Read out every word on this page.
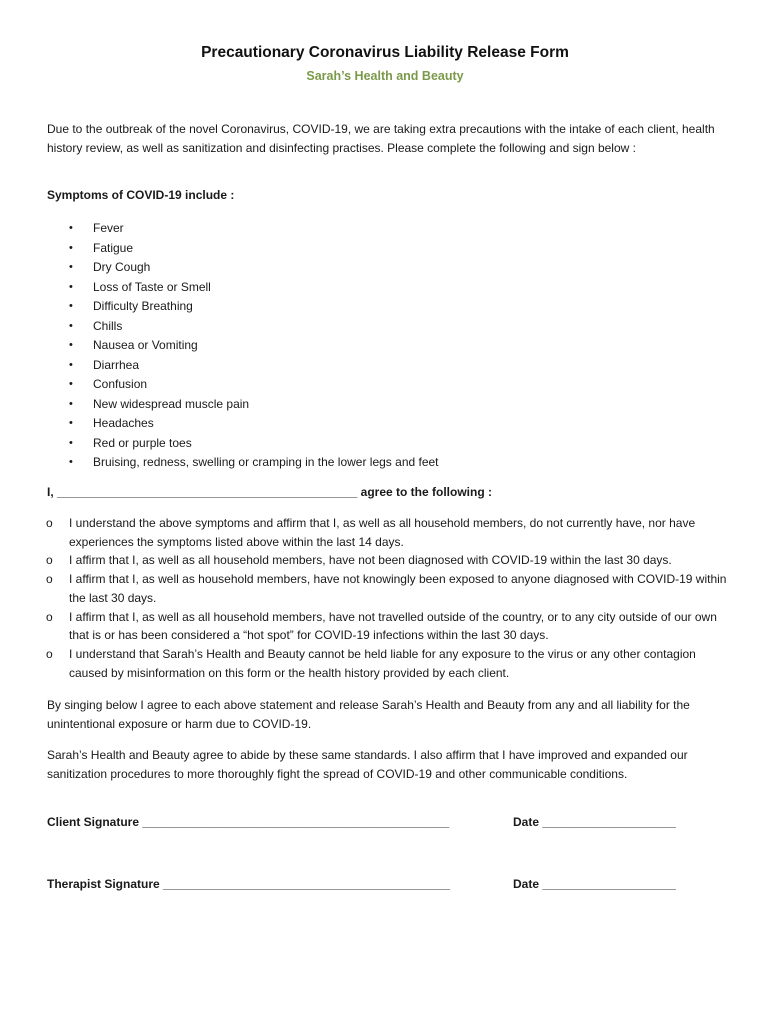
Precautionary Coronavirus Liability Release Form
Sarah’s Health and Beauty

Due to the outbreak of the novel Coronavirus, COVID-19, we are taking extra precautions with the intake of each client, health history review, as well as sanitization and disinfecting practises. Please complete the following and sign below :

Symptoms of COVID-19 include :
• Fever
• Fatigue
• Dry Cough
• Loss of Taste or Smell
• Difficulty Breathing
• Chills
• Nausea or Vomiting
• Diarrhea
• Confusion
• New widespread muscle pain
• Headaches
• Red or purple toes
• Bruising, redness, swelling or cramping in the lower legs and feet
I, _____________________________________________ agree to the following :
o I understand the above symptoms and affirm that I, as well as all household members, do not currently have, nor have experiences the symptoms listed above within the last 14 days.
o I affirm that I, as well as all household members, have not been diagnosed with COVID-19 within the last 30 days.
o I affirm that I, as well as household members, have not knowingly been exposed to anyone diagnosed with COVID-19 within the last 30 days.
o I affirm that I, as well as all household members, have not travelled outside of the country, or to any city outside of our own that is or has been considered a “hot spot” for COVID-19 infections within the last 30 days.
o I understand that Sarah’s Health and Beauty cannot be held liable for any exposure to the virus or any other contagion caused by misinformation on this form or the health history provided by each client.

By singing below I agree to each above statement and release Sarah’s Health and Beauty from any and all liability for the unintentional exposure or harm due to COVID-19.

Sarah’s Health and Beauty agree to abide by these same standards. I also affirm that I have improved and expanded our sanitization procedures to more thoroughly fight the spread of COVID-19 and other communicable conditions.

Client Signature ______________________________________________	Date ____________________
Therapist Signature ___________________________________________	Date ____________________
